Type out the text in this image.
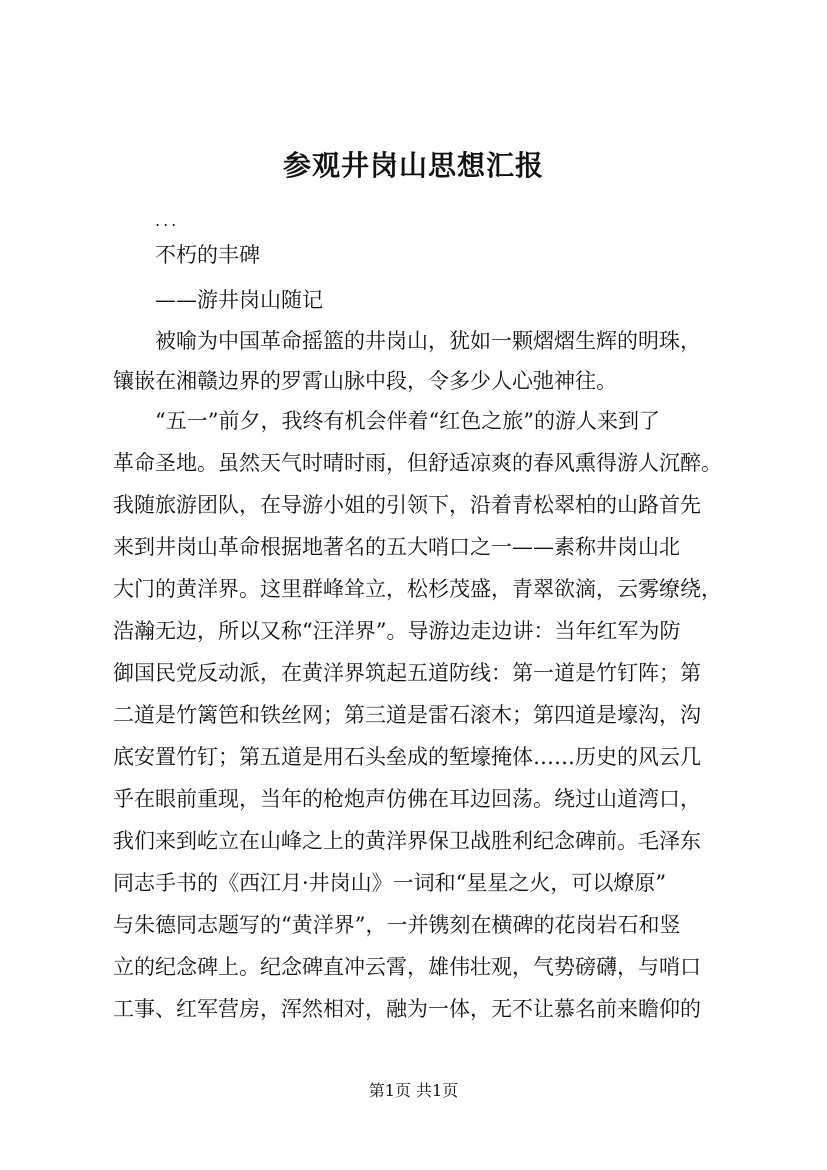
参观井岗山思想汇报
...
不朽的丰碑
——游井岗山随记
被喻为中国革命摇篮的井岗山，犹如一颗熠熠生辉的明珠，
镶嵌在湘赣边界的罗霄山脉中段，令多少人心弛神往。
“五一”前夕，我终有机会伴着“红色之旅”的游人来到了
革命圣地。虽然天气时晴时雨，但舒适凉爽的春风熏得游人沉醉。
我随旅游团队，在导游小姐的引领下，沿着青松翠柏的山路首先
来到井岗山革命根据地著名的五大哨口之一——素称井岗山北
大门的黄洋界。这里群峰耸立，松杉茂盛，青翠欲滴，云雾缭绕，
浩瀚无边，所以又称“汪洋界”。导游边走边讲：当年红军为防
御国民党反动派，在黄洋界筑起五道防线：第一道是竹钉阵；第
二道是竹篱笆和铁丝网；第三道是雷石滚木；第四道是壕沟，沟
底安置竹钉；第五道是用石头垒成的堑壕掩体……历史的风云几
乎在眼前重现，当年的枪炮声仿佛在耳边回荡。绕过山道湾口，
我们来到屹立在山峰之上的黄洋界保卫战胜利纪念碑前。毛泽东
同志手书的《西江月·井岗山》一词和“星星之火，可以燎原”
与朱德同志题写的“黄洋界”，一并镌刻在横碑的花岗岩石和竖
立的纪念碑上。纪念碑直冲云霄，雄伟壮观，气势磅礴，与哨口
工事、红军营房，浑然相对，融为一体，无不让慕名前来瞻仰的
第1页 共1页
